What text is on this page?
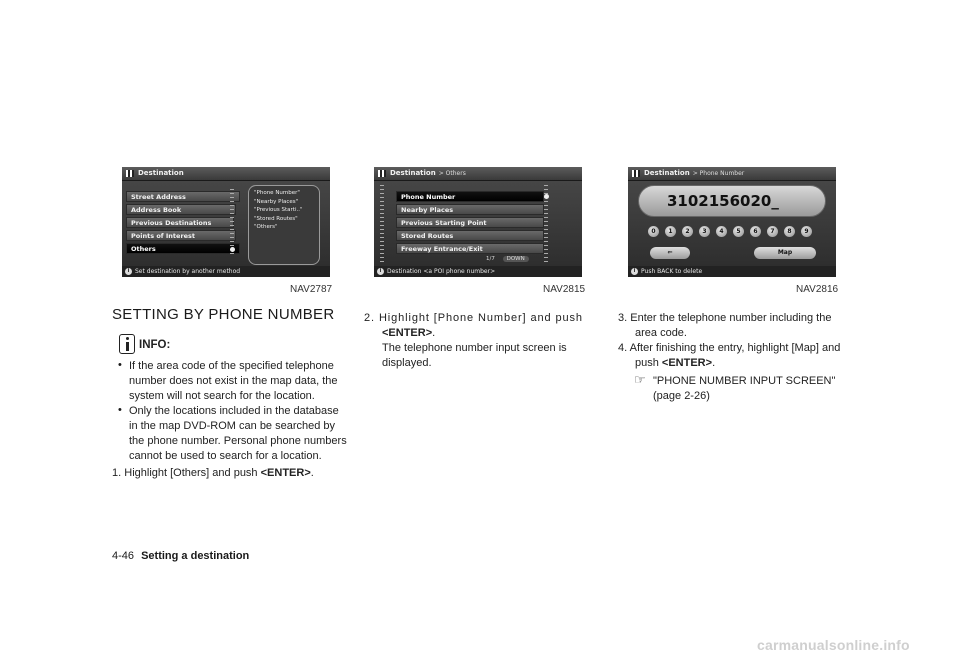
Destination
Street Address
Address Book
Previous Destinations
Points of Interest
Others
"Phone Number"
"Nearby Places"
"Previous Starti.."
"Stored Routes"
"Others"
i Set destination by another method
NAV2787
Destination > Others
Phone Number
Nearby Places
Previous Starting Point
Stored Routes
Freeway Entrance/Exit
1/7 DOWN
i Destination <a POI phone number>
NAV2815
Destination > Phone Number
3102156020_
0	1	2	3	4	5	6	7	8	9
⇐	Map
i Push BACK to delete
NAV2816
SETTING BY PHONE NUMBER
INFO:
• If the area code of the specified telephone
number does not exist in the map data, the
system will not search for the location.
• Only the locations included in the database
in the map DVD-ROM can be searched by
the phone number. Personal phone numbers
cannot be used to search for a location.
1. Highlight [Others] and push <ENTER>.
2. Highlight [Phone Number] and push
<ENTER>.
The telephone number input screen is
displayed.
3. Enter the telephone number including the
area code.
4. After finishing the entry, highlight [Map] and
push <ENTER>.
☞ "PHONE NUMBER INPUT SCREEN"
(page 2-26)
4-46 Setting a destination
carmanualsonline.info
